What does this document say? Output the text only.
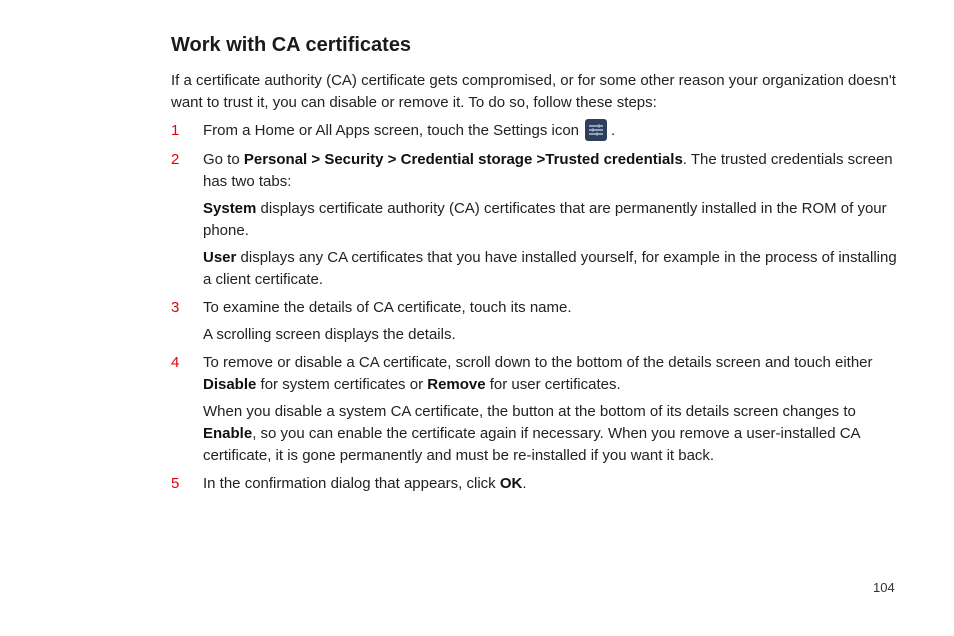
Work with CA certificates

If a certificate authority (CA) certificate gets compromised, or for some other reason your organization doesn't want to trust it, you can disable or remove it. To do so, follow these steps:

1	From a Home or All Apps screen, touch the Settings icon .

2	Go to Personal > Security > Credential storage >Trusted credentials. The trusted credentials screen has two tabs:

System displays certificate authority (CA) certificates that are permanently installed in the ROM of your phone.

User displays any CA certificates that you have installed yourself, for example in the process of installing a client certificate.

3	To examine the details of CA certificate, touch its name.

A scrolling screen displays the details.

4	To remove or disable a CA certificate, scroll down to the bottom of the details screen and touch either Disable for system certificates or Remove for user certificates.

When you disable a system CA certificate, the button at the bottom of its details screen changes to Enable, so you can enable the certificate again if necessary. When you remove a user-installed CA certificate, it is gone permanently and must be re-installed if you want it back.

5	In the confirmation dialog that appears, click OK.

104
